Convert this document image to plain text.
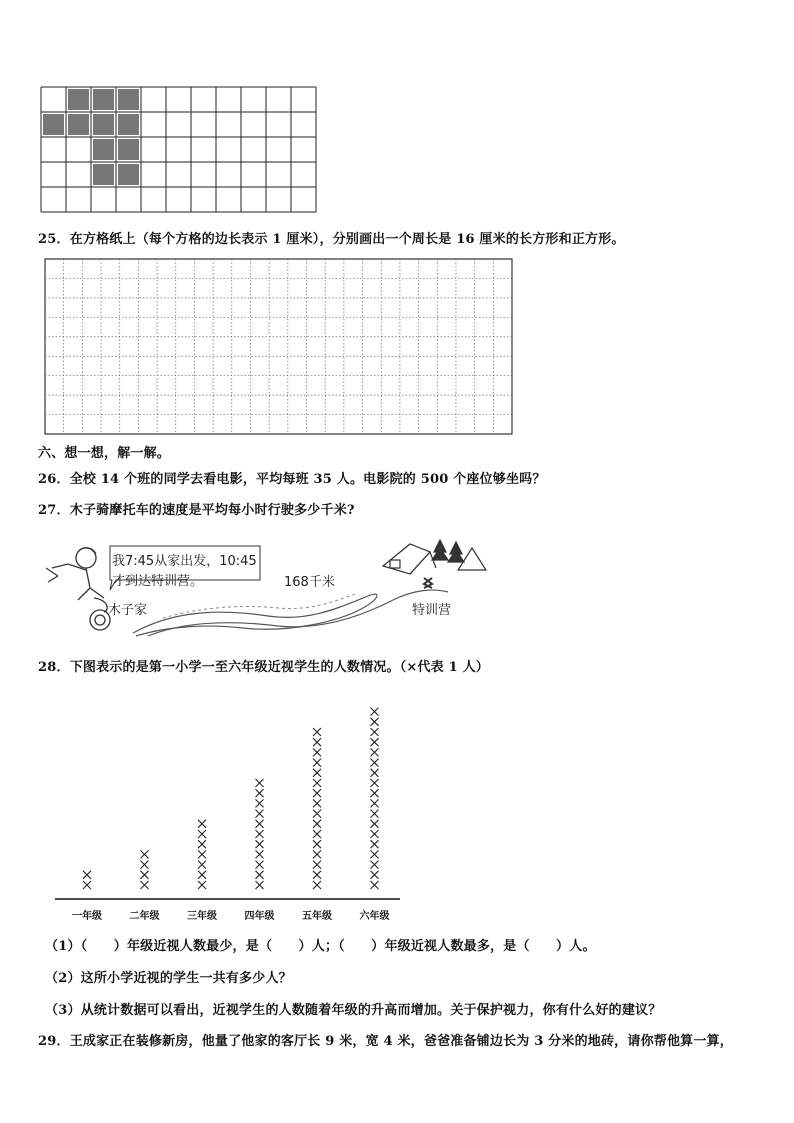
25．在方格纸上（每个方格的边长表示 1 厘米），分别画出一个周长是 16 厘米的长方形和正方形。
六、想一想，解一解。
26．全校 14 个班的同学去看电影，平均每班 35 人。电影院的 500 个座位够坐吗？
27．木子骑摩托车的速度是平均每小时行驶多少千米?
我7:45从家出发，10:45
才到达特训营。	168千米
木子家	特训营
28．下图表示的是第一小学一至六年级近视学生的人数情况。（×代表 1 人）
一年级	二年级	三年级	四年级	五年级	六年级
（1）（　　）年级近视人数最少，是（　　）人；（　　）年级近视人数最多，是（　　）人。
（2）这所小学近视的学生一共有多少人？
（3）从统计数据可以看出，近视学生的人数随着年级的升高而增加。关于保护视力，你有什么好的建议？
29．王成家正在装修新房，他量了他家的客厅长 9 米，宽 4 米，爸爸准备铺边长为 3 分米的地砖，请你帮他算一算，
